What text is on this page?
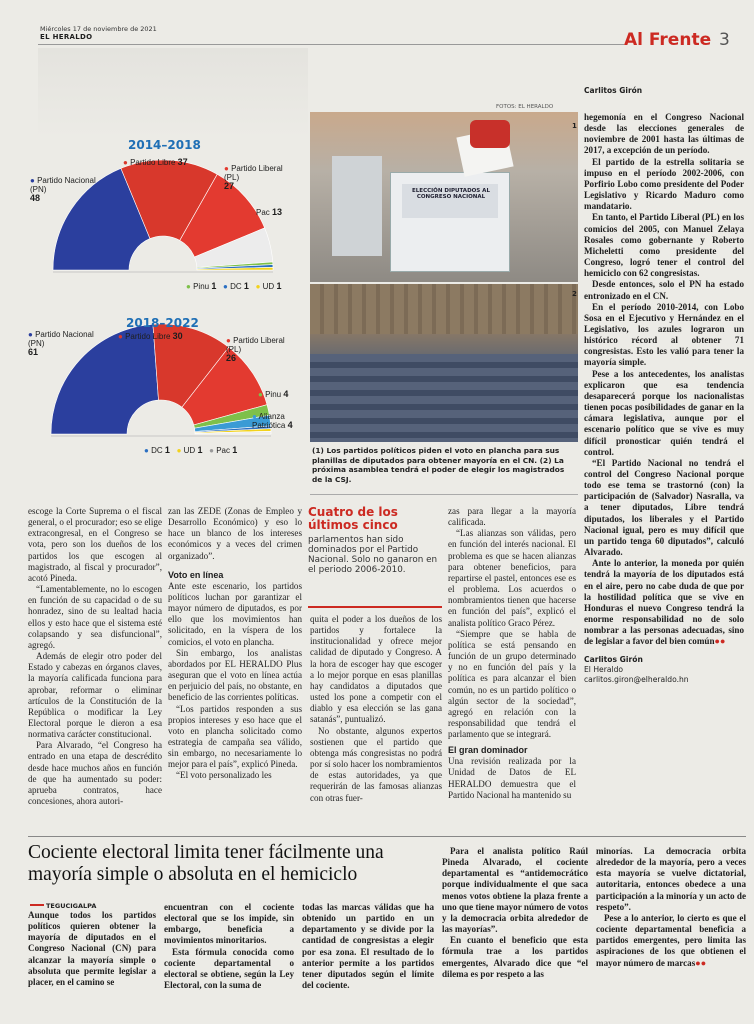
Miércoles 17 de noviembre de 2021
EL HERALDO	Al Frente 3
2014–2018
● Partido Nacional (PN)
48
● Partido Libre 37
● Partido Liberal (PL)
27
Pac 13
● Pinu 1 ● DC 1 ● UD 1
2018–2022
● Partido Nacional (PN)
61
● Partido Libre 30	● Partido Liberal (PL)
26
● Pinu 4
● Alianza Patriótica 4
● DC 1 ● UD 1 ● Pac 1
FOTOS: EL HERALDO
ELECCIÓN DIPUTADOS AL CONGRESO NACIONAL
1
2
(1) Los partidos políticos piden el voto en plancha para sus planillas de diputados para obtener mayoría en el CN. (2) La próxima asamblea tendrá el poder de elegir los magistrados de la CSJ.
Carlitos Girón

hegemonía en el Congreso Nacional desde las elecciones generales de noviembre de 2001 hasta las últimas de 2017, a excepción de un período.

El partido de la estrella solitaria se impuso en el período 2002-2006, con Porfirio Lobo como presidente del Poder Legislativo y Ricardo Maduro como mandatario.

En tanto, el Partido Liberal (PL) en los comicios del 2005, con Manuel Zelaya Rosales como gobernante y Roberto Micheletti como presidente del Congreso, logró tener el control del hemiciclo con 62 congresistas.

Desde entonces, solo el PN ha estado entronizado en el CN.

En el período 2010-2014, con Lobo Sosa en el Ejecutivo y Hernández en el Legislativo, los azules lograron un histórico récord al obtener 71 congresistas. Esto les valió para tener la mayoría simple.

Pese a los antecedentes, los analistas explicaron que esa tendencia desaparecerá porque los nacionalistas tienen pocas posibilidades de ganar en la cámara legislativa, aunque por el escenario político que se vive es muy difícil pronosticar quién tendrá el control.

“El Partido Nacional no tendrá el control del Congreso Nacional porque todo ese tema se trastornó (con) la participación de (Salvador) Nasralla, va a tener diputados, Libre tendrá diputados, los liberales y el Partido Nacional igual, pero es muy difícil que un partido tenga 60 diputados”, calculó Alvarado.

Ante lo anterior, la moneda por quién tendrá la mayoría de los diputados está en el aire, pero no cabe duda de que por la hostilidad política que se vive en Honduras el nuevo Congreso tendrá la enorme responsabilidad no de solo nombrar a las personas adecuadas, sino de legislar a favor del bien común●●

Carlitos Girón
El Heraldo
carlitos.giron@elheraldo.hn

escoge la Corte Suprema o el fiscal general, o el procurador; eso se elige extracongresal, en el Congreso se vota, pero son los dueños de los partidos los que escogen al magistrado, al fiscal y procurador”, acotó Pineda.

“Lamentablemente, no lo escogen en función de su capacidad o de su honradez, sino de su lealtad hacia ellos y esto hace que el sistema esté colapsando y sea disfuncional”, agregó.

Además de elegir otro poder del Estado y cabezas en órganos claves, la mayoría calificada funciona para aprobar, reformar o eliminar artículos de la Constitución de la República o modificar la Ley Electoral porque le dieron a esa normativa carácter constitucional.

Para Alvarado, “el Congreso ha entrado en una etapa de descrédito desde hace muchos años en función de que ha aumentado su poder: aprueba contratos, hace concesiones, ahora autori-

zan las ZEDE (Zonas de Empleo y Desarrollo Económico) y eso lo hace un blanco de los intereses económicos y a veces del crimen organizado”.

Voto en línea

Ante este escenario, los partidos políticos luchan por garantizar el mayor número de diputados, es por ello que los movimientos han solicitado, en la víspera de los comicios, el voto en plancha.

Sin embargo, los analistas abordados por EL HERALDO Plus aseguran que el voto en línea actúa en perjuicio del país, no obstante, en beneficio de las corrientes políticas.

“Los partidos responden a sus propios intereses y eso hace que el voto en plancha solicitado como estrategia de campaña sea válido, sin embargo, no necesariamente lo mejor para el país”, explicó Pineda.

“El voto personalizado les

Cuatro de los últimos cinco
parlamentos han sido dominados por el Partido Nacional. Solo no ganaron en el periodo 2006-2010.

quita el poder a los dueños de los partidos y fortalece la institucionalidad y ofrece mejor calidad de diputado y Congreso. A la hora de escoger hay que escoger a lo mejor porque en esas planillas hay candidatos a diputados que usted los pone a competir con el diablo y esa elección se las gana satanás”, puntualizó.

No obstante, algunos expertos sostienen que el partido que obtenga más congresistas no podrá por sí solo hacer los nombramientos de estas autoridades, ya que requerirán de las famosas alianzas con otras fuer-

zas para llegar a la mayoría calificada.

“Las alianzas son válidas, pero en función del interés nacional. El problema es que se hacen alianzas para obtener beneficios, para repartirse el pastel, entonces ese es el problema. Los acuerdos o nombramientos tienen que hacerse en función del país”, explicó el analista político Graco Pérez.

“Siempre que se habla de política se está pensando en función de un grupo determinado y no en función del país y la política es para alcanzar el bien común, no es un partido político o algún sector de la sociedad”, agregó en relación con la responsabilidad que tendrá el parlamento que se integrará.

El gran dominador

Una revisión realizada por la Unidad de Datos de EL HERALDO demuestra que el Partido Nacional ha mantenido su

Cociente electoral limita tener fácilmente una mayoría simple o absoluta en el hemiciclo
TEGUCIGALPA

Aunque todos los partidos políticos quieren obtener la mayoría de diputados en el Congreso Nacional (CN) para alcanzar la mayoría simple o absoluta que permite legislar a placer, en el camino se

encuentran con el cociente electoral que se los impide, sin embargo, beneficia a movimientos minoritarios.

Esta fórmula conocida como cociente departamental o electoral se obtiene, según la Ley Electoral, con la suma de

todas las marcas válidas que ha obtenido un partido en un departamento y se divide por la cantidad de congresistas a elegir por esa zona. El resultado de lo anterior permite a los partidos tener diputados según el límite del cociente.

Para el analista político Raúl Pineda Alvarado, el cociente departamental es “antidemocrático porque individualmente el que saca menos votos obtiene la plaza frente a uno que tiene mayor número de votos y la democracia orbita alrededor de las mayorías”.

En cuanto el beneficio que esta fórmula trae a los partidos emergentes, Alvarado dice que “el dilema es por respeto a las

minorías. La democracia orbita alrededor de la mayoría, pero a veces esta mayoría se vuelve dictatorial, autoritaria, entonces obedece a una participación a la minoría y un acto de respeto”.

Pese a lo anterior, lo cierto es que el cociente departamental beneficia a partidos emergentes, pero limita las aspiraciones de los que obtienen el mayor número de marcas●●
